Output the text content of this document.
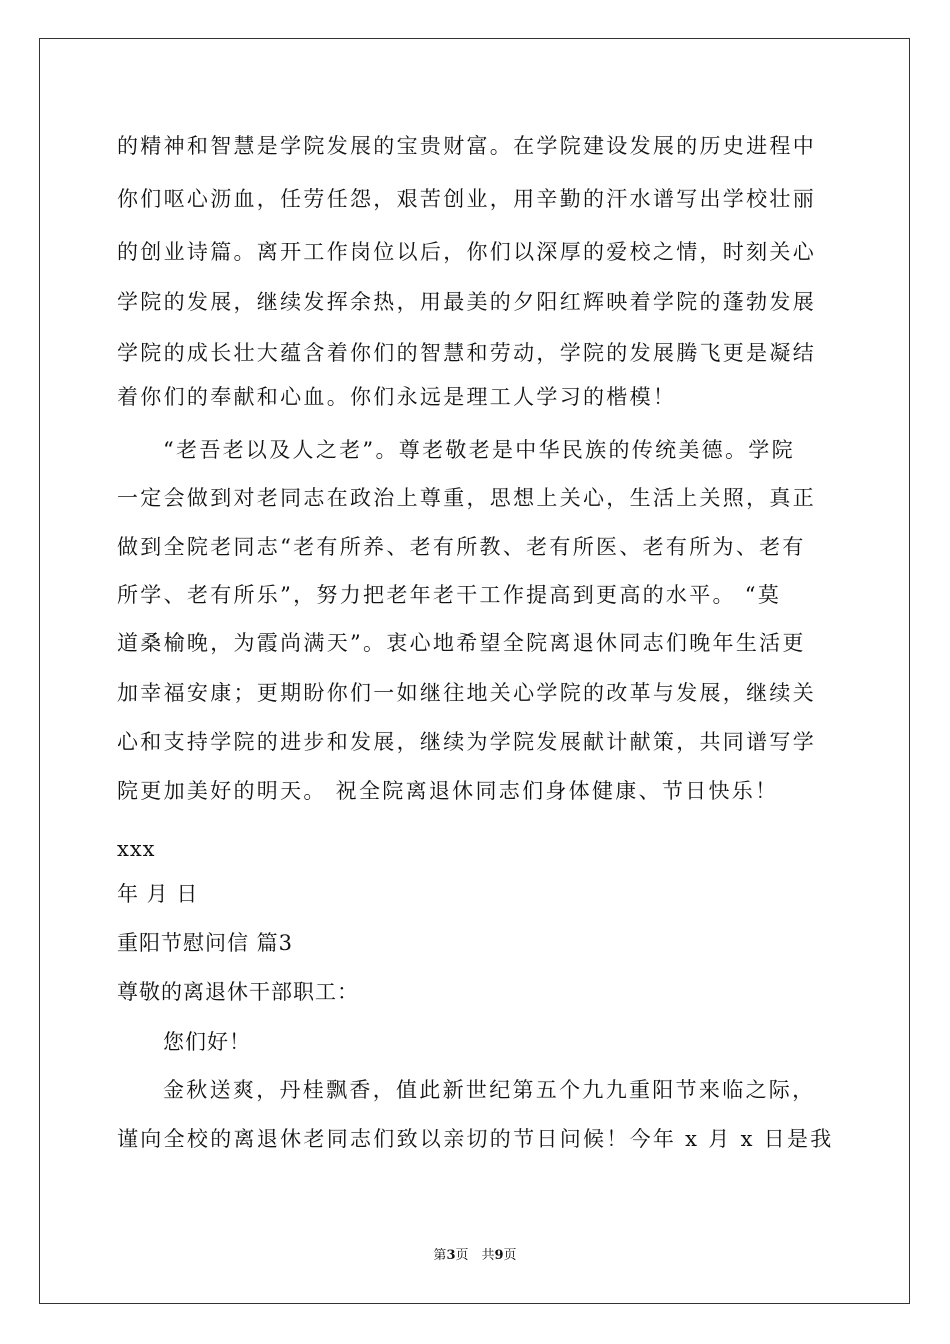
的精神和智慧是学院发展的宝贵财富。在学院建设发展的历史进程中
你们呕心沥血，任劳任怨，艰苦创业，用辛勤的汗水谱写出学校壮丽
的创业诗篇。离开工作岗位以后，你们以深厚的爱校之情，时刻关心
学院的发展，继续发挥余热，用最美的夕阳红辉映着学院的蓬勃发展
学院的成长壮大蕴含着你们的智慧和劳动，学院的发展腾飞更是凝结
着你们的奉献和心血。你们永远是理工人学习的楷模！
“老吾老以及人之老”。尊老敬老是中华民族的传统美德。学院
一定会做到对老同志在政治上尊重，思想上关心，生活上关照，真正
做到全院老同志“老有所养、老有所教、老有所医、老有所为、老有
所学、老有所乐”，努力把老年老干工作提高到更高的水平。 “莫
道桑榆晚，为霞尚满天”。衷心地希望全院离退休同志们晚年生活更
加幸福安康；更期盼你们一如继往地关心学院的改革与发展，继续关
心和支持学院的进步和发展，继续为学院发展献计献策，共同谱写学
院更加美好的明天。 祝全院离退休同志们身体健康、节日快乐！
xxx
年 月 日
重阳节慰问信 篇3
尊敬的离退休干部职工：
您们好！
金秋送爽，丹桂飘香，值此新世纪第五个九九重阳节来临之际，
谨向全校的离退休老同志们致以亲切的节日问候！今年 x 月 x 日是我
第3页　共9页
